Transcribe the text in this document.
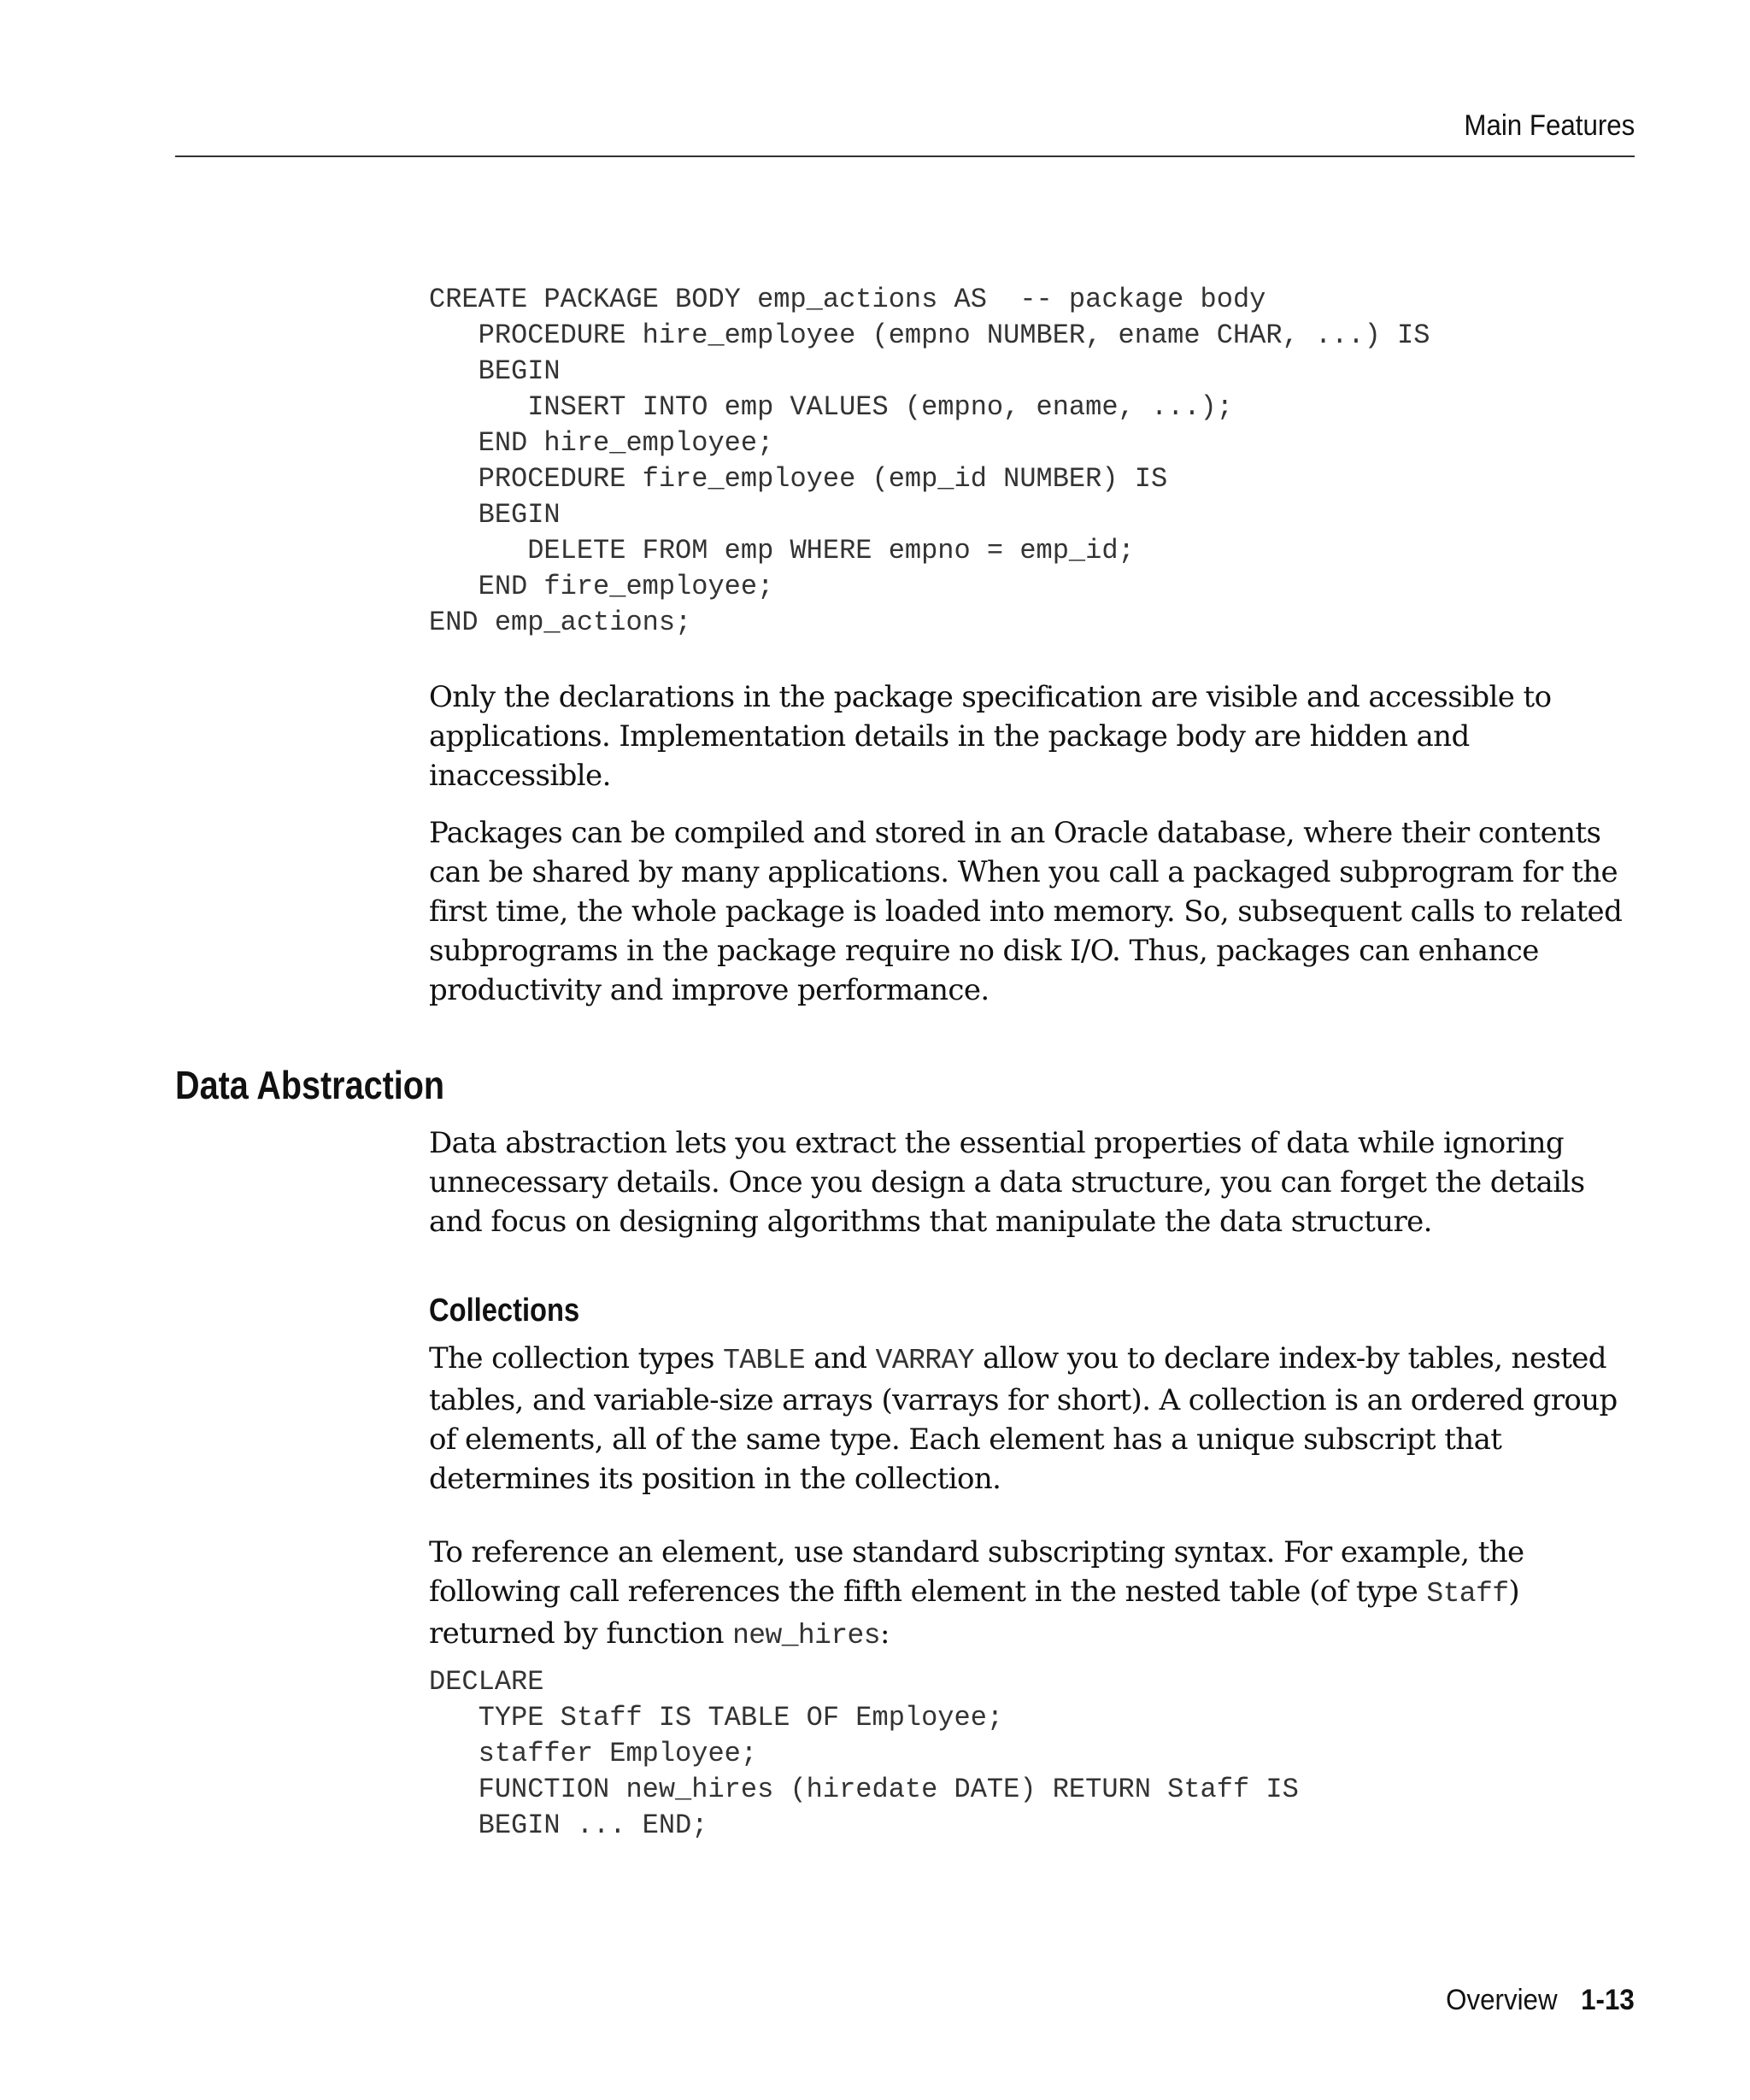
Main Features
CREATE PACKAGE BODY emp_actions AS  -- package body
PROCEDURE hire_employee (empno NUMBER, ename CHAR, ...) IS
BEGIN
INSERT INTO emp VALUES (empno, ename, ...);
END hire_employee;
PROCEDURE fire_employee (emp_id NUMBER) IS
BEGIN
DELETE FROM emp WHERE empno = emp_id;
END fire_employee;
END emp_actions;

Only the declarations in the package specification are visible and accessible to applications. Implementation details in the package body are hidden and inaccessible.

Packages can be compiled and stored in an Oracle database, where their contents can be shared by many applications. When you call a packaged subprogram for the first time, the whole package is loaded into memory. So, subsequent calls to related subprograms in the package require no disk I/O. Thus, packages can enhance productivity and improve performance.

Data Abstraction

Data abstraction lets you extract the essential properties of data while ignoring unnecessary details. Once you design a data structure, you can forget the details and focus on designing algorithms that manipulate the data structure.

Collections

The collection types TABLE and VARRAY allow you to declare index-by tables, nested tables, and variable-size arrays (varrays for short). A collection is an ordered group of elements, all of the same type. Each element has a unique subscript that determines its position in the collection.

To reference an element, use standard subscripting syntax. For example, the following call references the fifth element in the nested table (of type Staff) returned by function new_hires:

DECLARE
TYPE Staff IS TABLE OF Employee;
staffer Employee;
FUNCTION new_hires (hiredate DATE) RETURN Staff IS
BEGIN ... END;
Overview 1-13
